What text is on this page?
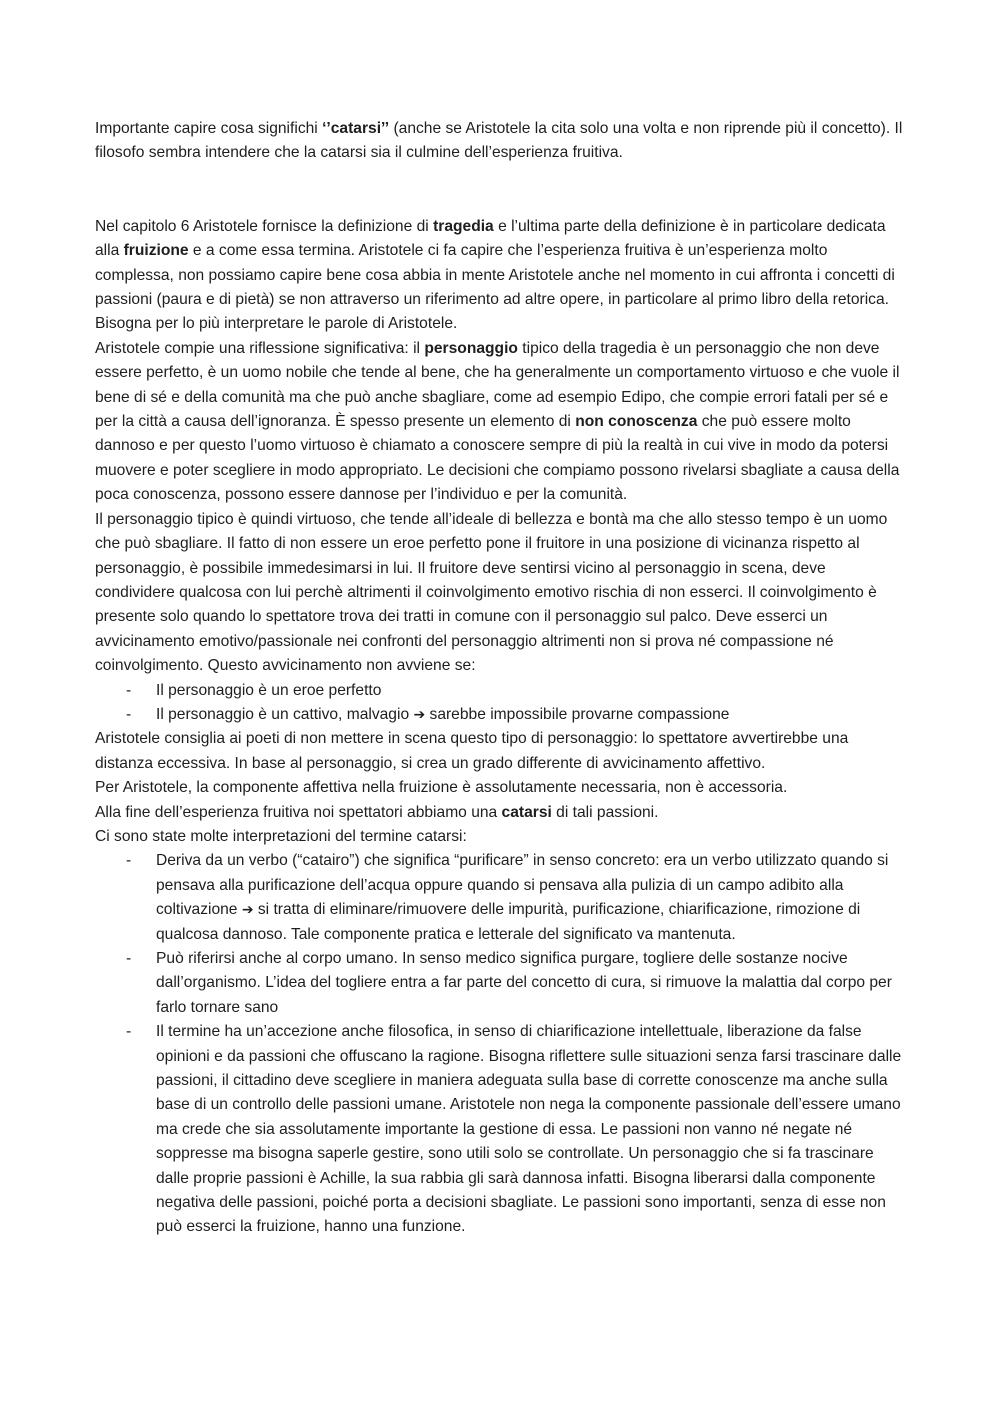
Importante capire cosa significhi ‘’catarsi’’ (anche se Aristotele la cita solo una volta e non riprende più il concetto). Il filosofo sembra intendere che la catarsi sia il culmine dell’esperienza fruitiva.

Nel capitolo 6 Aristotele fornisce la definizione di tragedia e l’ultima parte della definizione è in particolare dedicata alla fruizione e a come essa termina. Aristotele ci fa capire che l’esperienza fruitiva è un’esperienza molto complessa, non possiamo capire bene cosa abbia in mente Aristotele anche nel momento in cui affronta i concetti di passioni (paura e di pietà) se non attraverso un riferimento ad altre opere, in particolare al primo libro della retorica. Bisogna per lo più interpretare le parole di Aristotele.

Aristotele compie una riflessione significativa: il personaggio tipico della tragedia è un personaggio che non deve essere perfetto, è un uomo nobile che tende al bene, che ha generalmente un comportamento virtuoso e che vuole il bene di sé e della comunità ma che può anche sbagliare, come ad esempio Edipo, che compie errori fatali per sé e per la città a causa dell’ignoranza. È spesso presente un elemento di non conoscenza che può essere molto dannoso e per questo l’uomo virtuoso è chiamato a conoscere sempre di più la realtà in cui vive in modo da potersi muovere e poter scegliere in modo appropriato. Le decisioni che compiamo possono rivelarsi sbagliate a causa della poca conoscenza, possono essere dannose per l’individuo e per la comunità.

Il personaggio tipico è quindi virtuoso, che tende all’ideale di bellezza e bontà ma che allo stesso tempo è un uomo che può sbagliare. Il fatto di non essere un eroe perfetto pone il fruitore in una posizione di vicinanza rispetto al personaggio, è possibile immedesimarsi in lui. Il fruitore deve sentirsi vicino al personaggio in scena, deve condividere qualcosa con lui perchè altrimenti il coinvolgimento emotivo rischia di non esserci. Il coinvolgimento è presente solo quando lo spettatore trova dei tratti in comune con il personaggio sul palco. Deve esserci un avvicinamento emotivo/passionale nei confronti del personaggio altrimenti non si prova né compassione né coinvolgimento. Questo avvicinamento non avviene se:

- Il personaggio è un eroe perfetto
- Il personaggio è un cattivo, malvagio ➔ sarebbe impossibile provarne compassione

Aristotele consiglia ai poeti di non mettere in scena questo tipo di personaggio: lo spettatore avvertirebbe una distanza eccessiva. In base al personaggio, si crea un grado differente di avvicinamento affettivo.

Per Aristotele, la componente affettiva nella fruizione è assolutamente necessaria, non è accessoria.

Alla fine dell’esperienza fruitiva noi spettatori abbiamo una catarsi di tali passioni.

Ci sono state molte interpretazioni del termine catarsi:

- Deriva da un verbo (“catairo”) che significa “purificare” in senso concreto: era un verbo utilizzato quando si pensava alla purificazione dell’acqua oppure quando si pensava alla pulizia di un campo adibito alla coltivazione ➔ si tratta di eliminare/rimuovere delle impurità, purificazione, chiarificazione, rimozione di qualcosa dannoso. Tale componente pratica e letterale del significato va mantenuta.
- Può riferirsi anche al corpo umano. In senso medico significa purgare, togliere delle sostanze nocive dall’organismo. L’idea del togliere entra a far parte del concetto di cura, si rimuove la malattia dal corpo per farlo tornare sano
- Il termine ha un’accezione anche filosofica, in senso di chiarificazione intellettuale, liberazione da false opinioni e da passioni che offuscano la ragione. Bisogna riflettere sulle situazioni senza farsi trascinare dalle passioni, il cittadino deve scegliere in maniera adeguata sulla base di corrette conoscenze ma anche sulla base di un controllo delle passioni umane. Aristotele non nega la componente passionale dell’essere umano ma crede che sia assolutamente importante la gestione di essa. Le passioni non vanno né negate né soppresse ma bisogna saperle gestire, sono utili solo se controllate. Un personaggio che si fa trascinare dalle proprie passioni è Achille, la sua rabbia gli sarà dannosa infatti. Bisogna liberarsi dalla componente negativa delle passioni, poiché porta a decisioni sbagliate. Le passioni sono importanti, senza di esse non può esserci la fruizione, hanno una funzione.
